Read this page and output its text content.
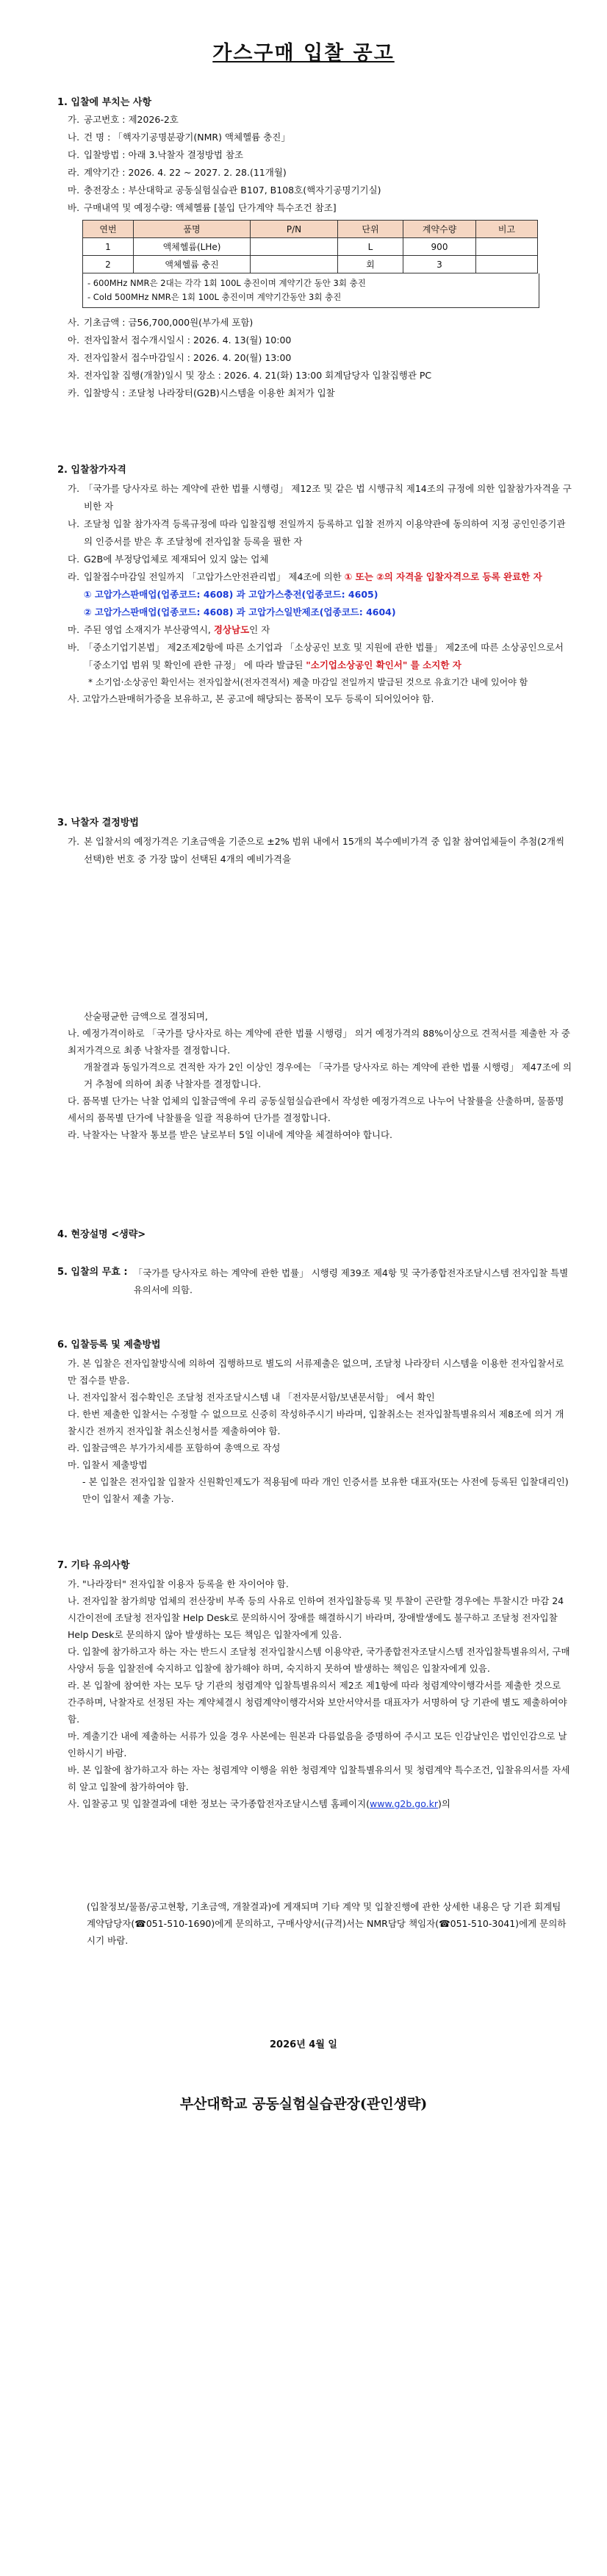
가스구매 입찰 공고
1. 입찰에 부치는 사항
가. 공고번호 : 제2026-2호
나. 건 명 : 「핵자기공명분광기(NMR) 액체헬륨 충진」
다. 입찰방법 : 아래 3.낙찰자 결정방법 참조
라. 계약기간 : 2026. 4. 22 ~ 2027. 2. 28.(11개월)
마. 충전장소 : 부산대학교 공동실험실습관 B107, B108호(핵자기공명기기실)
바. 구매내역 및 예정수량: 액체헬륨 [불입 단가계약 특수조건 참조]
연번	품명	P/N	단위	계약수량	비고
1	액체헬륨(LHe)		L	900	
2	액체헬륨 충진		회	3	
- 600MHz NMR은 2대는 각각 1회 100L 충진이며 계약기간 동안 3회 충진
- Cold 500MHz NMR은 1회 100L 충진이며 계약기간동안 3회 충진
사. 기초금액 : 금56,700,000원(부가세 포함)
아. 전자입찰서 접수개시일시 : 2026. 4. 13(월) 10:00
자. 전자입찰서 접수마감일시 : 2026. 4. 20(월) 13:00
차. 전자입찰 집행(개찰)일시 및 장소 : 2026. 4. 21(화) 13:00 회계담당자 입찰집행관 PC
카. 입찰방식 : 조달청 나라장터(G2B)시스템을 이용한 최저가 입찰
2. 입찰참가자격
가. 「국가를 당사자로 하는 계약에 관한 법률 시행령」 제12조 및 같은 법 시행규칙 제14조의 규정에 의한 입찰참가자격을 구비한 자
나. 조달청 입찰 참가자격 등록규정에 따라 입찰집행 전일까지 등록하고 입찰 전까지 이용약관에 동의하여 지정 공인인증기관의 인증서를 받은 후 조달청에 전자입찰 등록을 필한 자
다. G2B에 부정당업체로 제재되어 있지 않는 업체
라. 입찰접수마감일 전일까지 「고압가스안전관리법」 제4조에 의한 ① 또는 ②의 자격을 입찰자격으로 등록 완료한 자
① 고압가스판매업(업종코드: 4608) 과 고압가스충전(업종코드: 4605)
② 고압가스판매업(업종코드: 4608) 과 고압가스일반제조(업종코드: 4604)
마. 주된 영업 소재지가 부산광역시, 경상남도인 자
바. 「중소기업기본법」 제2조제2항에 따른 소기업과 「소상공인 보호 및 지원에 관한 법률」 제2조에 따른 소상공인으로서 「중소기업 범위 및 확인에 관한 규정」 에 따라 발급된 "소기업소상공인 확인서" 를 소지한 자
* 소기업·소상공인 확인서는 전자입찰서(전자견적서) 제출 마감일 전일까지 발급된 것으로 유효기간 내에 있어야 함
사. 고압가스판매허가증을 보유하고, 본 공고에 해당되는 품목이 모두 등록이 되어있어야 함.
3. 낙찰자 결정방법
가. 본 입찰서의 예정가격은 기초금액을 기준으로 ±2% 범위 내에서 15개의 복수예비가격 중 입찰 참여업체들이 추첨(2개씩 선택)한 번호 중 가장 많이 선택된 4개의 예비가격을
산술평균한 금액으로 결정되며,
나. 예정가격이하로 「국가를 당사자로 하는 계약에 관한 법률 시행령」 의거 예정가격의 88%이상으로 견적서를 제출한 자 중 최저가격으로 최종 낙찰자를 결정합니다.
개찰결과 동일가격으로 견적한 자가 2인 이상인 경우에는 「국가를 당사자로 하는 계약에 관한 법률 시행령」 제47조에 의거 추첨에 의하여 최종 낙찰자를 결정합니다.
다. 품목별 단가는 낙찰 업체의 입찰금액에 우리 공동실험실습관에서 작성한 예정가격으로 나누어 낙찰률을 산출하며, 물품명세서의 품목별 단가에 낙찰률을 일괄 적용하여 단가를 결정합니다.
라. 낙찰자는 낙찰자 통보를 받은 날로부터 5일 이내에 계약을 체결하여야 합니다.
4. 현장설명 <생략>
5. 입찰의 무효 : 「국가를 당사자로 하는 계약에 관한 법률」 시행령 제39조 제4항 및 국가종합전자조달시스템 전자입찰 특별유의서에 의함.
6. 입찰등록 및 제출방법
가. 본 입찰은 전자입찰방식에 의하여 집행하므로 별도의 서류제출은 없으며, 조달청 나라장터 시스템을 이용한 전자입찰서로만 접수를 받음.
나. 전자입찰서 접수확인은 조달청 전자조달시스템 내 「전자문서함/보낸문서함」 에서 확인
다. 한번 제출한 입찰서는 수정할 수 없으므로 신중히 작성하주시기 바라며, 입찰취소는 전자입찰특별유의서 제8조에 의거 개찰시간 전까지 전자입찰 취소신청서를 제출하여야 함.
라. 입찰금액은 부가가치세를 포함하여 총액으로 작성
마. 입찰서 제출방법
- 본 입찰은 전자입찰 입찰자 신원확인제도가 적용됨에 따라 개인 인증서를 보유한 대표자(또는 사전에 등록된 입찰대리인)만이 입찰서 제출 가능.
7. 기타 유의사항
가. "나라장터" 전자입찰 이용자 등록을 한 자이어야 함.
나. 전자입찰 참가희망 업체의 전산장비 부족 등의 사유로 인하여 전자입찰등록 및 투찰이 곤란할 경우에는 투찰시간 마감 24시간이전에 조달청 전자입찰 Help Desk로 문의하시어 장애를 해결하시기 바라며, 장애발생에도 불구하고 조달청 전자입찰 Help Desk로 문의하지 않아 발생하는 모든 책임은 입찰자에게 있음.
다. 입찰에 참가하고자 하는 자는 반드시 조달청 전자입찰시스템 이용약관, 국가종합전자조달시스템 전자입찰특별유의서, 구매사양서 등을 입찰전에 숙지하고 입찰에 참가해야 하며, 숙지하지 못하여 발생하는 책임은 입찰자에게 있음.
라. 본 입찰에 참여한 자는 모두 당 기관의 청렴계약 입찰특별유의서 제2조 제1항에 따라 청렴계약이행각서를 제출한 것으로 간주하며, 낙찰자로 선정된 자는 계약체결시 청렴계약이행각서와 보안서약서를 대표자가 서명하여 당 기관에 별도 제출하여야 함.
마. 계출기간 내에 제출하는 서류가 있을 경우 사본에는 원본과 다름없음을 증명하여 주시고 모든 인감날인은 법인인감으로 날인하시기 바람.
바. 본 입찰에 참가하고자 하는 자는 청렴계약 이행을 위한 청렴계약 입찰특별유의서 및 청렴계약 특수조건, 입찰유의서를 자세히 알고 입찰에 참가하여야 함.
사. 입찰공고 및 입찰결과에 대한 정보는 국가종합전자조달시스템 홈페이지(www.g2b.go.kr)의
(입찰정보/물품/공고현황, 기초금액, 개찰결과)에 게재되며 기타 계약 및 입찰진행에 관한 상세한 내용은 당 기관 회계팀 계약담당자(☎051-510-1690)에게 문의하고, 구매사양서(규격)서는 NMR담당 책임자(☎051-510-3041)에게 문의하시기 바람.
2026년 4월 일
부산대학교 공동실험실습관장(관인생략)
